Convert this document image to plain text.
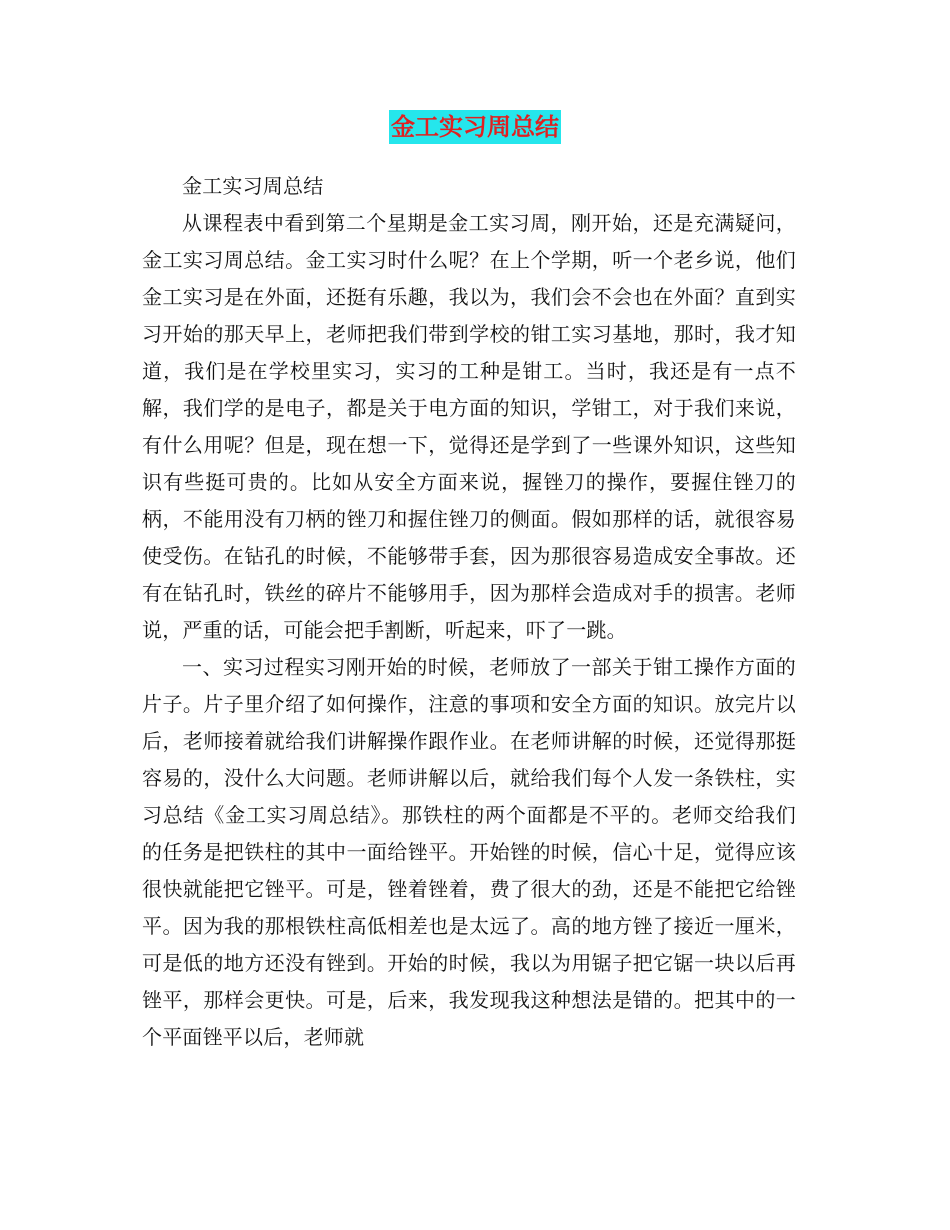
金工实习周总结

金工实习周总结

从课程表中看到第二个星期是金工实习周，刚开始，还是充满疑问，金工实习周总结。金工实习时什么呢？在上个学期，听一个老乡说，他们金工实习是在外面，还挺有乐趣，我以为，我们会不会也在外面？直到实习开始的那天早上，老师把我们带到学校的钳工实习基地，那时，我才知道，我们是在学校里实习，实习的工种是钳工。当时，我还是有一点不解，我们学的是电子，都是关于电方面的知识，学钳工，对于我们来说，有什么用呢？但是，现在想一下，觉得还是学到了一些课外知识，这些知识有些挺可贵的。比如从安全方面来说，握锉刀的操作，要握住锉刀的柄，不能用没有刀柄的锉刀和握住锉刀的侧面。假如那样的话，就很容易使受伤。在钻孔的时候，不能够带手套，因为那很容易造成安全事故。还有在钻孔时，铁丝的碎片不能够用手，因为那样会造成对手的损害。老师说，严重的话，可能会把手割断，听起来，吓了一跳。

一、实习过程实习刚开始的时候，老师放了一部关于钳工操作方面的片子。片子里介绍了如何操作，注意的事项和安全方面的知识。放完片以后，老师接着就给我们讲解操作跟作业。在老师讲解的时候，还觉得那挺容易的，没什么大问题。老师讲解以后，就给我们每个人发一条铁柱，实习总结《金工实习周总结》。那铁柱的两个面都是不平的。老师交给我们的任务是把铁柱的其中一面给锉平。开始锉的时候，信心十足，觉得应该很快就能把它锉平。可是，锉着锉着，费了很大的劲，还是不能把它给锉平。因为我的那根铁柱高低相差也是太远了。高的地方锉了接近一厘米，可是低的地方还没有锉到。开始的时候，我以为用锯子把它锯一块以后再锉平，那样会更快。可是，后来，我发现我这种想法是错的。把其中的一个平面锉平以后，老师就
